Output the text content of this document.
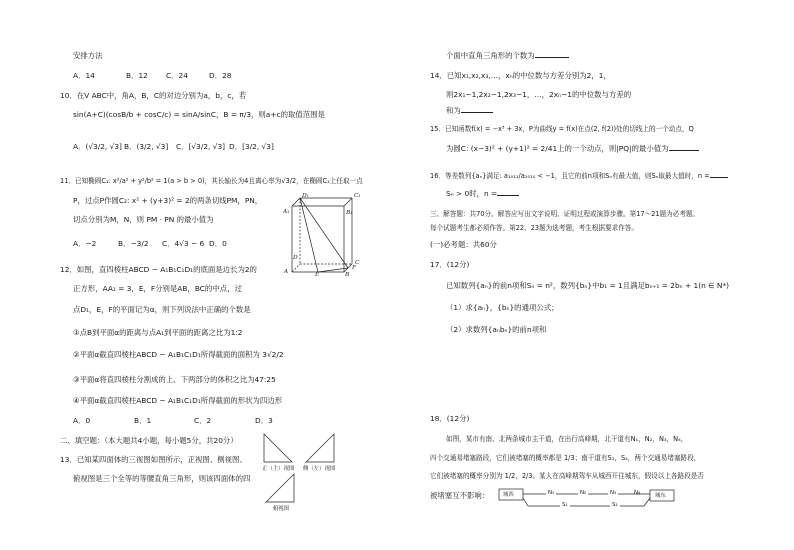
安排方法
A．14	B．12 C．24	D．28
10．在V ABC中，角A，B，C的对边分别为a，b，c，若
sin(A+C)(cosB/b + cosC/c) = sinA/sinC，B = π/3，则a+c的取值范围是
A．(√3/2, √3] B．(3/2, √3] C．[√3/2, √3] D．[3/2, √3]
11．已知椭圆C₁: x²/a² + y²/b² = 1(a > b > 0)，其长轴长为4且离心率为√3/2，在椭圆C₁上任取一点
P，过点P作圆C₂: x² + (y+3)² = 2的两条切线PM，PN，
切点分别为M，N，则 PM · PN 的最小值为
A．−2	B．−3/2 C．4√3 − 6 D．0
12．如图，直四棱柱ABCD − A₁B₁C₁D₁的底面是边长为2的
正方形，AA₁ = 3，E，F分别是AB，BC的中点，过
点D₁，E，F的平面记为α，则下列说法中正确的个数是
①点B到平面α的距离与点A₁到平面的距离之比为1:2
②平面α截直四棱柱ABCD − A₁B₁C₁D₁所得截面的面积为 3√2/2
③平面α将直四棱柱分割成的上、下两部分的体积之比为47:25
④平面α截直四棱柱ABCD − A₁B₁C₁D₁所得截面的形状为四边形
A．0	B．1	C．2	D．3
二、填空题：（本大题共4小题，每小题5分，共20分）
13．已知某四面体的三视图如图所示，正视图、侧视图、
俯视图是三个全等的等腰直角三角形，则该四面体的四
D₁	C₁
A₁	B₁
D
C
A	E	B
F
正（主）视图 侧（左）视图
俯视图
个面中直角三角形的个数为
14．已知x₁,x₂,x₃,…，xₙ的中位数与方差分别为2，1，
则2x₁−1,2x₂−1,2x₃−1，…，2xₙ−1的中位数与方差的
和为
15．已知函数f(x) = −x³ + 3x，P为曲线y = f(x)在点(2, f(2))处的切线上的一个动点，Q
为圆C: (x−3)² + (y+1)² = 2/41上的一个动点，则|PQ|的最小值为
16．等差数列{aₙ}满足: a₁₀₁₁/a₁₀₁₀ < −1，且它的前n项和Sₙ有最大值，则Sₙ取最大值时，n =
Sₙ > 0时，n =
三、解答题：共70分。解答应写出文字说明、证明过程或演算步骤。第17～21题为必考题。
每个试题考生都必须作答。第22、23题为选考题，考生根据要求作答。
(一)必考题：共60分
17．(12分)
已知数列{aₙ}的前n项和Sₙ = n²，数列{bₙ}中b₁ = 1且满足bₙ₊₁ = 2bₙ + 1(n ∈ N*)
（1）求{aₙ}，{bₙ}的通项公式；
（2）求数列{aₙbₙ}的前n项和
18．(12分)
如图，某市有南、北两条城市主干道，在出行高峰期，北干道有N₁，N₂，N₃，N₄，
四个交通易堵塞路段，它们被堵塞的概率都是 1/3；南干道有S₁，S₂，两个交通易堵塞路段，
它们被堵塞的概率分别为 1/2，2/3。某人在高峰期驾车从城西开往城东，假设以上各路段是否
被堵塞互不影响：	城西	城东
N₁	N₂	N₃	N₄
S₁	S₂
